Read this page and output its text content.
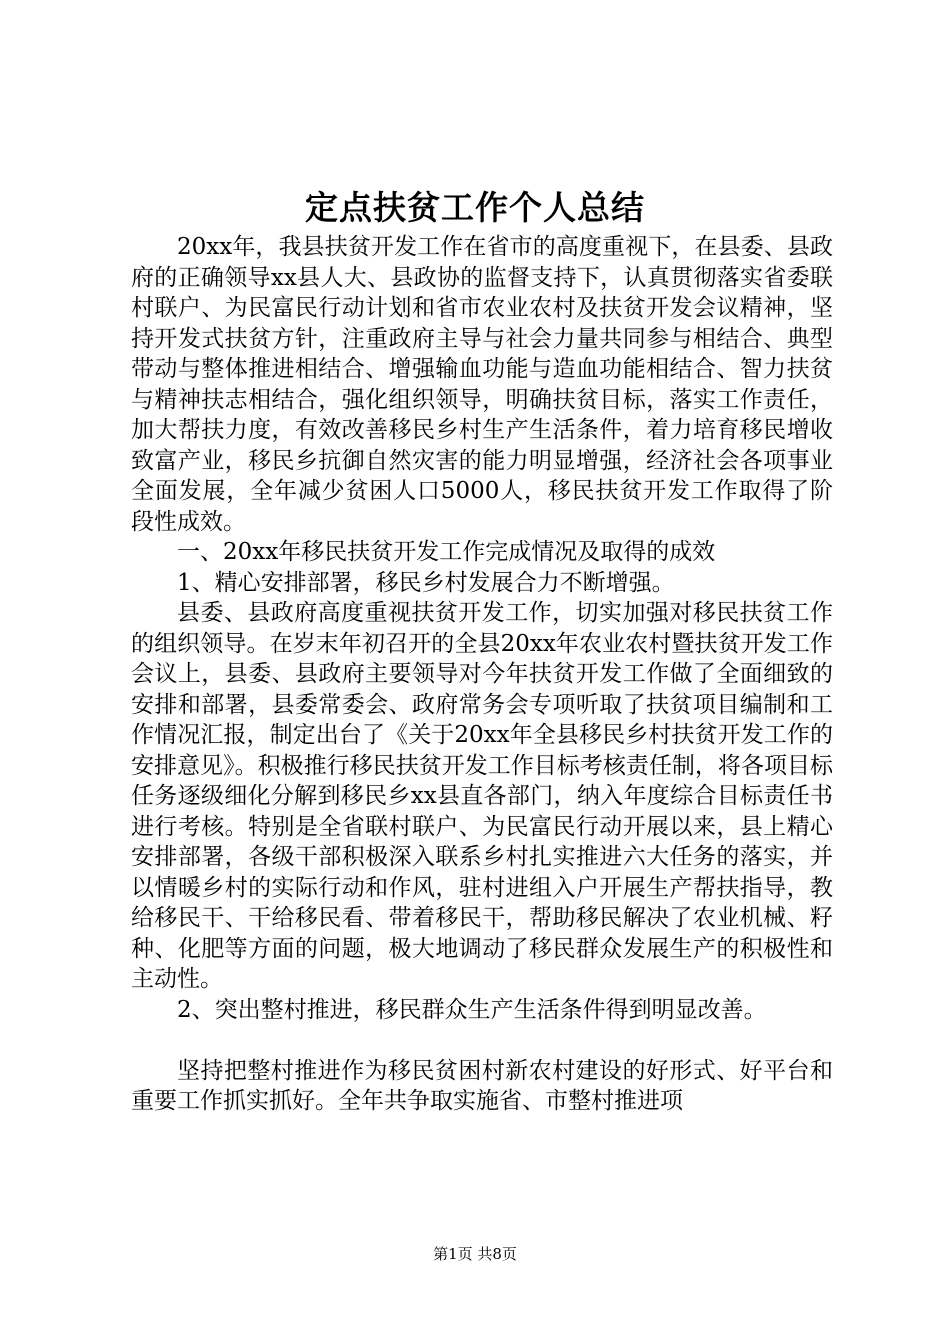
定点扶贫工作个人总结

20xx年，我县扶贫开发工作在省市的高度重视下，在县委、县政府的正确领导xx县人大、县政协的监督支持下，认真贯彻落实省委联村联户、为民富民行动计划和省市农业农村及扶贫开发会议精神，坚持开发式扶贫方针，注重政府主导与社会力量共同参与相结合、典型带动与整体推进相结合、增强输血功能与造血功能相结合、智力扶贫与精神扶志相结合，强化组织领导，明确扶贫目标，落实工作责任，加大帮扶力度，有效改善移民乡村生产生活条件，着力培育移民增收致富产业，移民乡抗御自然灾害的能力明显增强，经济社会各项事业全面发展，全年减少贫困人口5000人，移民扶贫开发工作取得了阶段性成效。

一、20xx年移民扶贫开发工作完成情况及取得的成效

1、精心安排部署，移民乡村发展合力不断增强。

县委、县政府高度重视扶贫开发工作，切实加强对移民扶贫工作的组织领导。在岁末年初召开的全县20xx年农业农村暨扶贫开发工作会议上，县委、县政府主要领导对今年扶贫开发工作做了全面细致的安排和部署，县委常委会、政府常务会专项听取了扶贫项目编制和工作情况汇报，制定出台了《关于20xx年全县移民乡村扶贫开发工作的安排意见》。积极推行移民扶贫开发工作目标考核责任制，将各项目标任务逐级细化分解到移民乡xx县直各部门，纳入年度综合目标责任书进行考核。特别是全省联村联户、为民富民行动开展以来，县上精心安排部署，各级干部积极深入联系乡村扎实推进六大任务的落实，并以情暖乡村的实际行动和作风，驻村进组入户开展生产帮扶指导，教给移民干、干给移民看、带着移民干，帮助移民解决了农业机械、籽种、化肥等方面的问题，极大地调动了移民群众发展生产的积极性和主动性。

2、突出整村推进，移民群众生产生活条件得到明显改善。

坚持把整村推进作为移民贫困村新农村建设的好形式、好平台和重要工作抓实抓好。全年共争取实施省、市整村推进项

第1页 共8页
